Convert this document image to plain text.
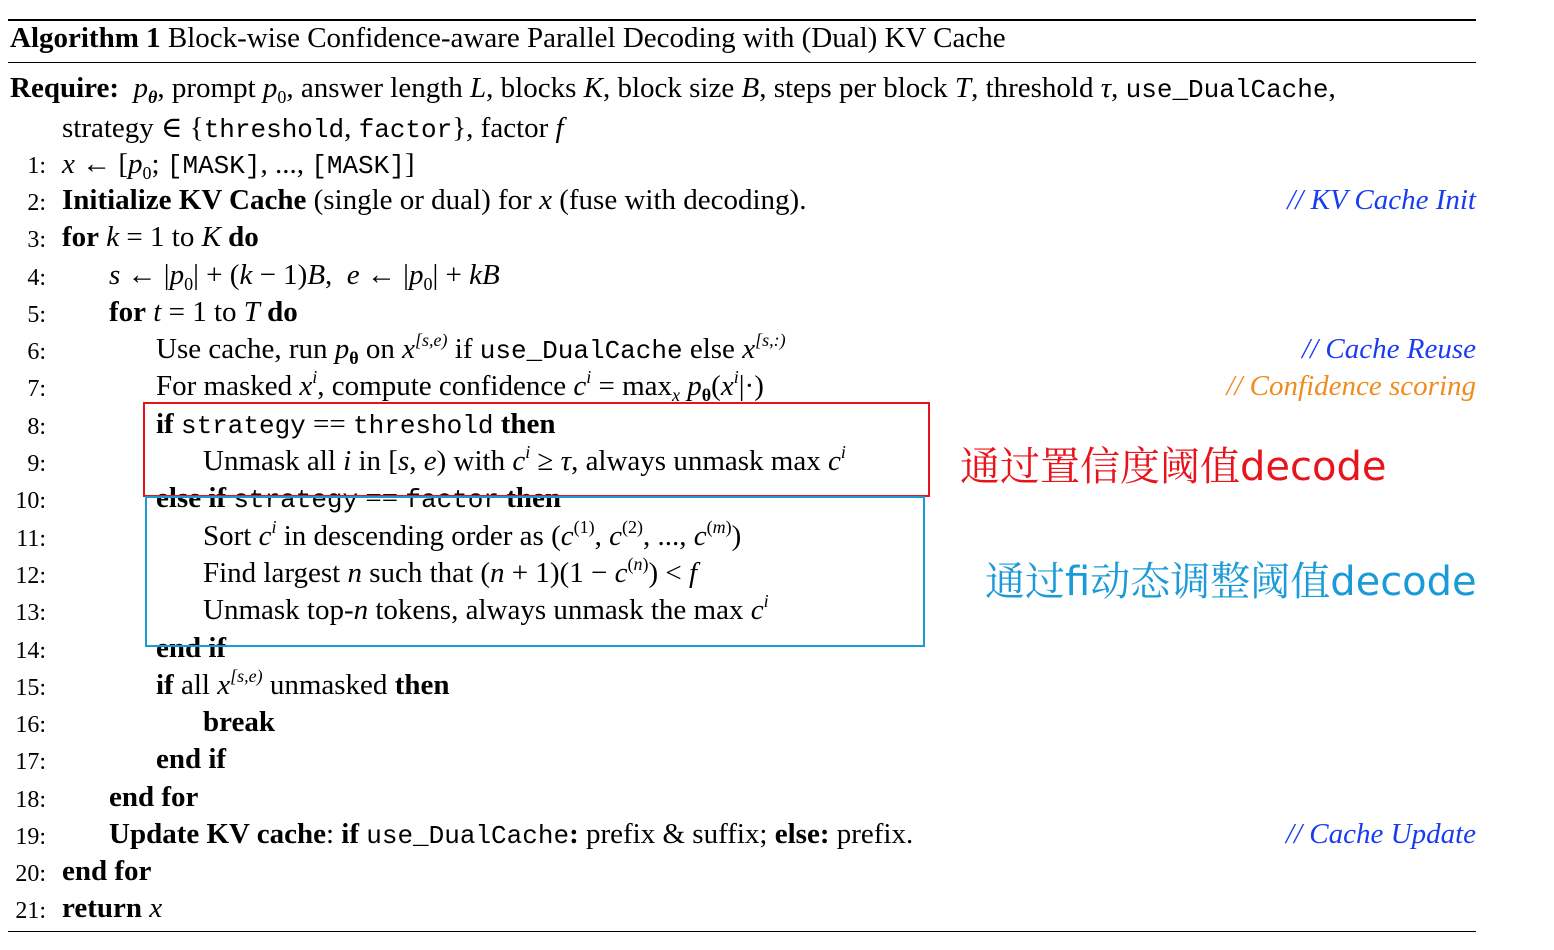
Algorithm 1 Block-wise Confidence-aware Parallel Decoding with (Dual) KV Cache
Require:  $p_\theta$, prompt $p_0$, answer length L, blocks K, block size B, steps per block T, threshold τ, use_DualCache,
strategy ∈ {threshold, factor}, factor f
1: x ← [$p_0$; [MASK], ..., [MASK]]
2: Initialize KV Cache (single or dual) for x (fuse with decoding).	// KV Cache Init
3: for k = 1 to K do
4: s ← $|p_0| + (k - 1)B$,  e ← $|p_0|$ + kB
5: for t = 1 to T do
6:	Use cache, run $p_\theta$ on $x^{[s,e)}$ if use_DualCache else $x^{[s,:)}$	// Cache Reuse
7:	For masked $x^i$, compute confidence $c^i = \max_x p_\theta(x^i|\cdot)$	// Confidence scoring
8:	if strategy == threshold then
9:	Unmask all i in [s, e) with $c^i \ge \tau$, always unmask $\max c^i$
10:	else if strategy == factor then
11:	Sort $c^i$ in descending order as ($c^{(1)}$, $c^{(2)}$, ..., $c^{(m)}$)
12:	Find largest n such that $(n + 1)(1 - c^{(n)}) < f$
13:	Unmask top-n tokens, always unmask the $\max c^i$
14:	end if
15:	if all $x^{[s,e)}$ unmasked then
16:	break
17:	end if
18: end for
19: Update KV cache: if use_DualCache: prefix & suffix; else: prefix.	// Cache Update
20: end for
21: return x
通过置信度阈值decode
通过fi动态调整阈值decode
